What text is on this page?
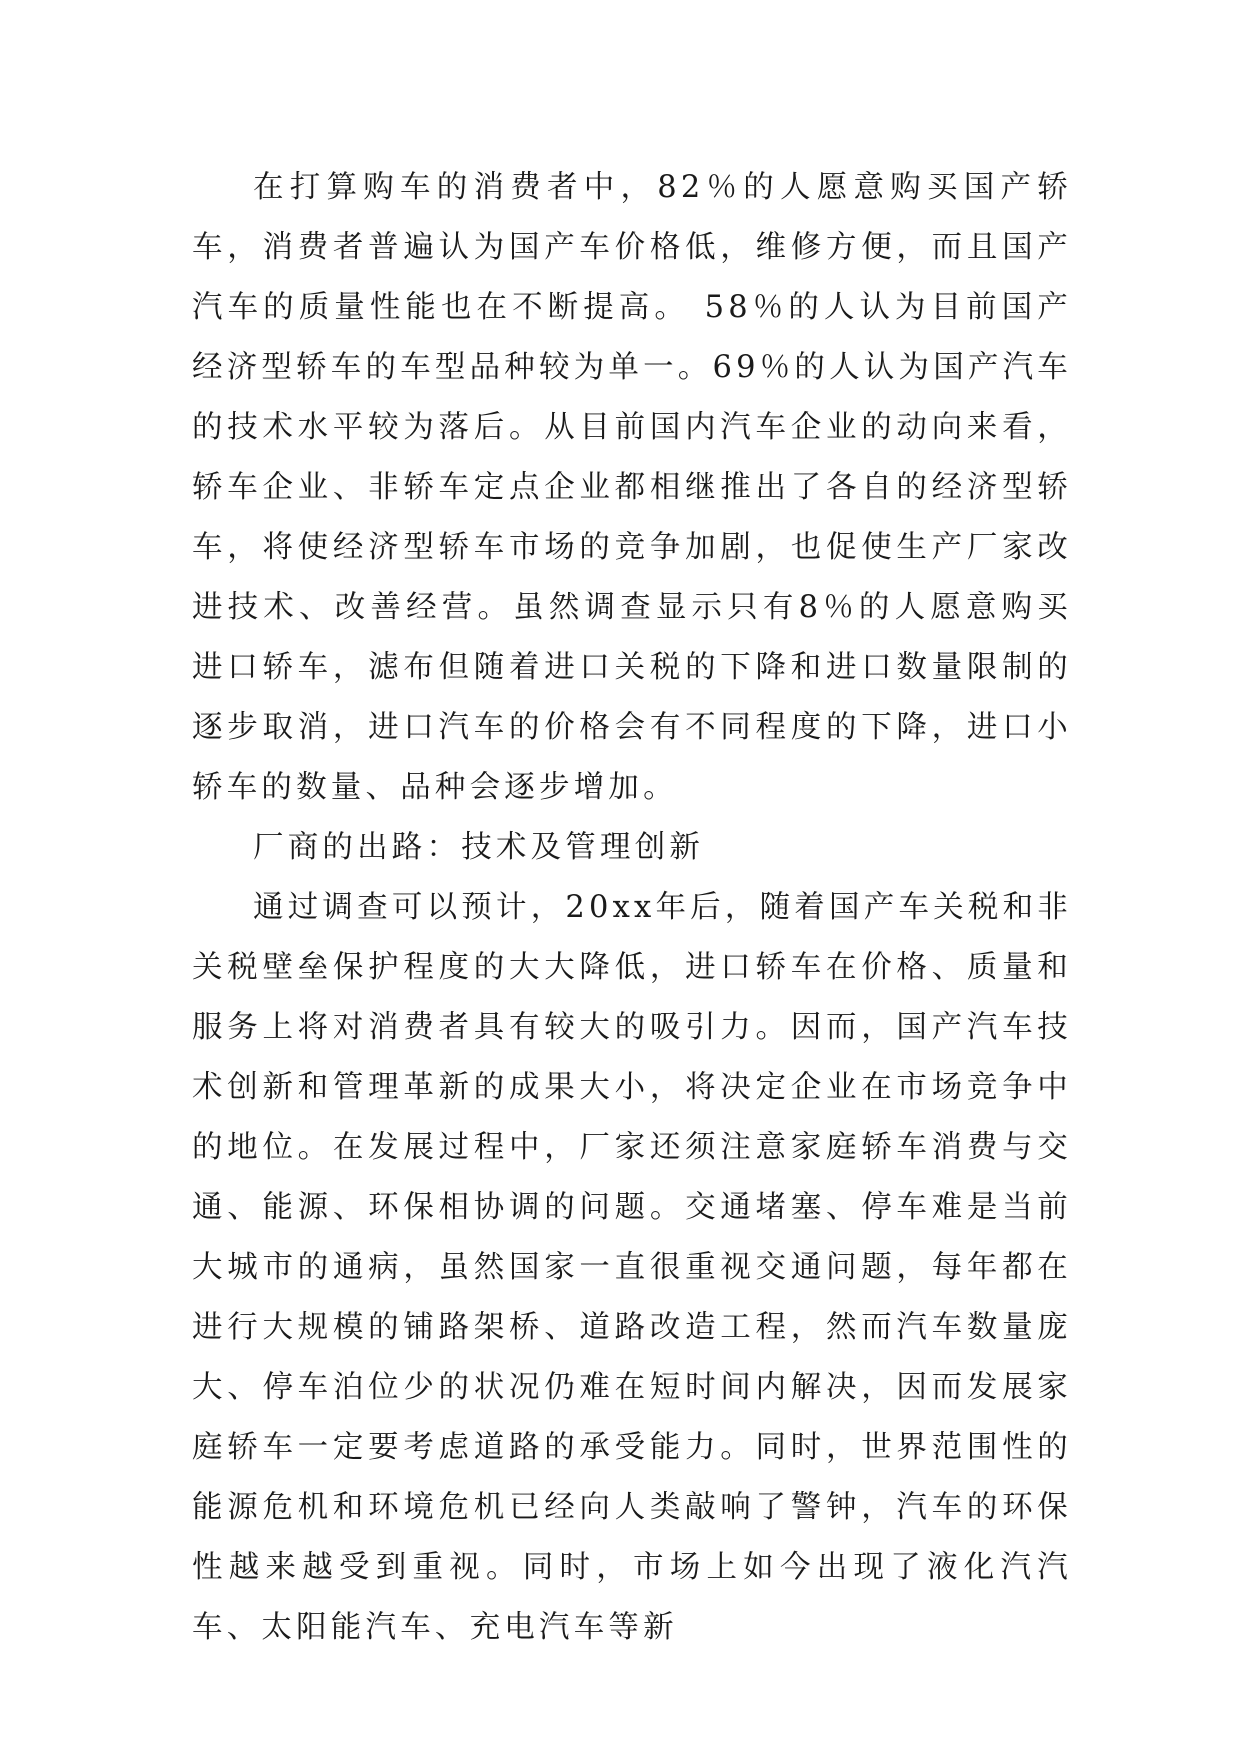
在打算购车的消费者中，82％的人愿意购买国产轿车，消费者普遍认为国产车价格低，维修方便，而且国产汽车的质量性能也在不断提高。 58％的人认为目前国产经济型轿车的车型品种较为单一。69％的人认为国产汽车的技术水平较为落后。从目前国内汽车企业的动向来看，轿车企业、非轿车定点企业都相继推出了各自的经济型轿车，将使经济型轿车市场的竞争加剧，也促使生产厂家改进技术、改善经营。虽然调查显示只有8％的人愿意购买进口轿车，滤布但随着进口关税的下降和进口数量限制的逐步取消，进口汽车的价格会有不同程度的下降，进口小轿车的数量、品种会逐步增加。

厂商的出路：技术及管理创新

通过调查可以预计，20xx年后，随着国产车关税和非关税壁垒保护程度的大大降低，进口轿车在价格、质量和服务上将对消费者具有较大的吸引力。因而，国产汽车技术创新和管理革新的成果大小，将决定企业在市场竞争中的地位。在发展过程中，厂家还须注意家庭轿车消费与交通、能源、环保相协调的问题。交通堵塞、停车难是当前大城市的通病，虽然国家一直很重视交通问题，每年都在进行大规模的铺路架桥、道路改造工程，然而汽车数量庞大、停车泊位少的状况仍难在短时间内解决，因而发展家庭轿车一定要考虑道路的承受能力。同时，世界范围性的能源危机和环境危机已经向人类敲响了警钟，汽车的环保性越来越受到重视。同时，市场上如今出现了液化汽汽车、太阳能汽车、充电汽车等新
